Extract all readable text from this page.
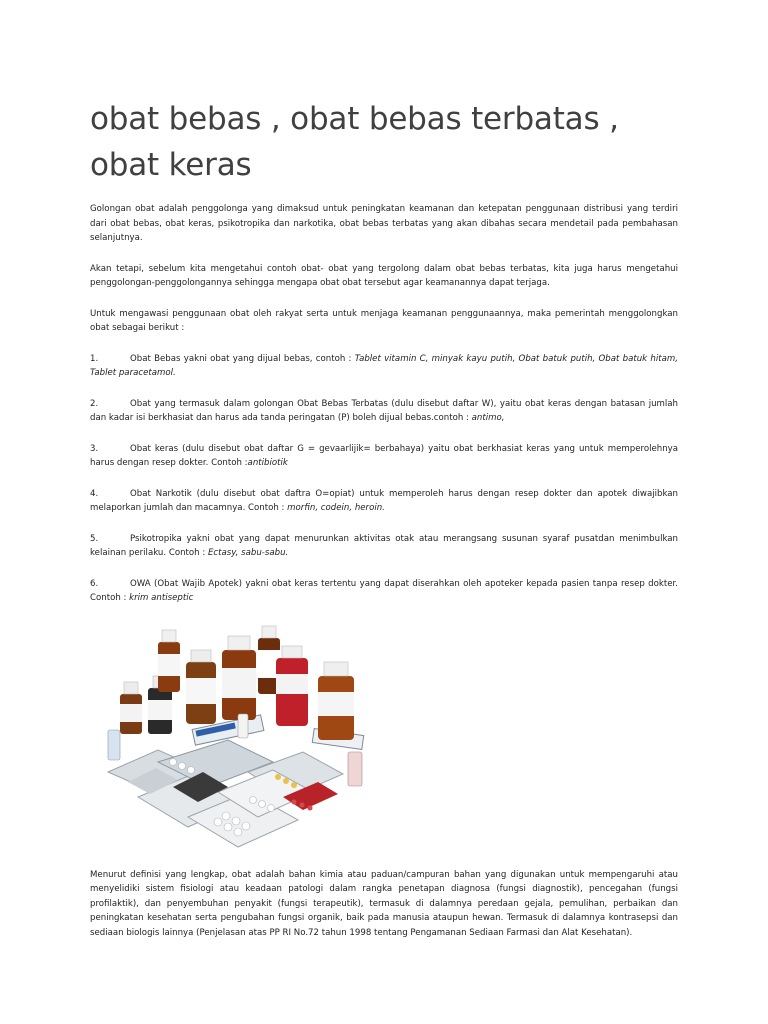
obat bebas , obat bebas terbatas ,
obat keras

Golongan obat adalah penggolonga yang dimaksud untuk peningkatan keamanan dan ketepatan penggunaan distribusi yang terdiri dari obat bebas, obat keras, psikotropika dan narkotika, obat bebas terbatas yang akan dibahas secara mendetail pada pembahasan selanjutnya.

Akan tetapi, sebelum kita mengetahui contoh obat- obat yang tergolong dalam obat bebas terbatas, kita juga harus mengetahui penggolongan-penggolongannya sehingga mengapa obat obat tersebut agar keamanannya dapat terjaga.

Untuk mengawasi penggunaan obat oleh rakyat serta untuk menjaga keamanan penggunaannya, maka pemerintah menggolongkan obat sebagai berikut :

1.	Obat Bebas yakni obat yang dijual bebas, contoh : Tablet vitamin C, minyak kayu putih, Obat batuk putih, Obat batuk hitam, Tablet paracetamol.

2.	Obat yang termasuk dalam golongan Obat Bebas Terbatas (dulu disebut daftar W), yaitu obat keras dengan batasan jumlah dan kadar isi berkhasiat dan harus ada tanda peringatan (P) boleh dijual bebas.contoh : antimo,

3.	Obat keras (dulu disebut obat daftar G = gevaarlijik= berbahaya) yaitu obat berkhasiat keras yang untuk memperolehnya harus dengan resep dokter. Contoh :antibiotik

4.	Obat Narkotik (dulu disebut obat daftra O=opiat) untuk memperoleh harus dengan resep dokter dan apotek diwajibkan melaporkan jumlah dan macamnya. Contoh : morfin, codein, heroin.

5.	Psikotropika yakni obat yang dapat menurunkan aktivitas otak atau merangsang susunan syaraf pusatdan menimbulkan kelainan perilaku. Contoh : Ectasy, sabu-sabu.

6.	OWA (Obat Wajib Apotek) yakni obat keras tertentu yang dapat diserahkan oleh apoteker kepada pasien tanpa resep dokter. Contoh : krim antiseptic

Menurut definisi yang lengkap, obat adalah bahan kimia atau paduan/campuran bahan yang digunakan untuk mempengaruhi atau menyelidiki sistem fisiologi atau keadaan patologi dalam rangka penetapan diagnosa (fungsi diagnostik), pencegahan (fungsi profilaktik), dan penyembuhan penyakit (fungsi terapeutik), termasuk di dalamnya peredaan gejala, pemulihan, perbaikan dan peningkatan kesehatan serta pengubahan fungsi organik, baik pada manusia ataupun hewan. Termasuk di dalamnya kontrasepsi dan sediaan biologis lainnya (Penjelasan atas PP RI No.72 tahun 1998 tentang Pengamanan Sediaan Farmasi dan Alat Kesehatan).
